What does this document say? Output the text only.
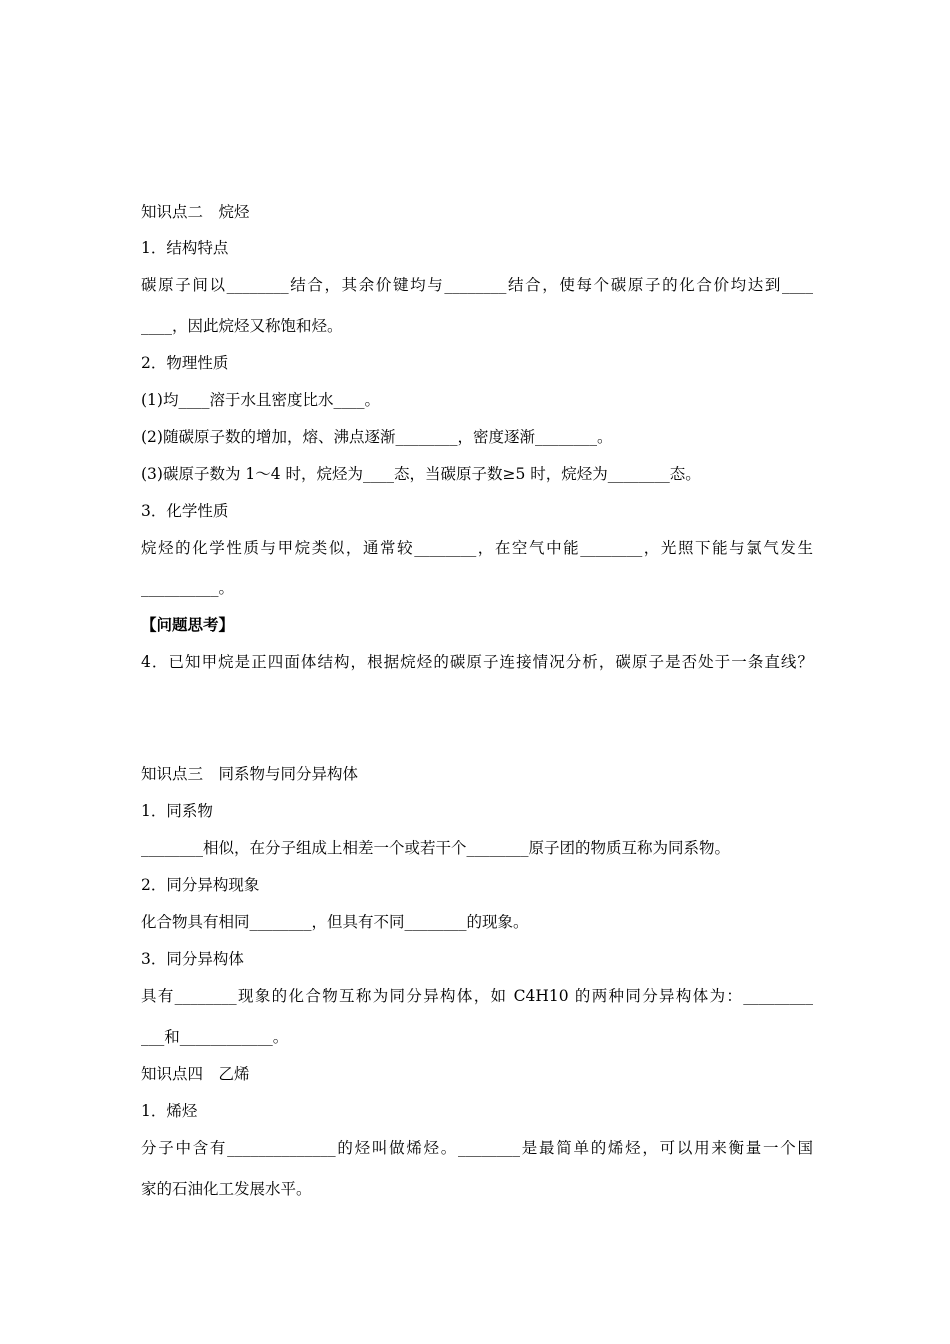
知识点二　烷烃
1．结构特点
碳原子间以________结合，其余价键均与________结合，使每个碳原子的化合价均达到____
____，因此烷烃又称饱和烃。
2．物理性质
(1)均____溶于水且密度比水____。
(2)随碳原子数的增加，熔、沸点逐渐________，密度逐渐________。
(3)碳原子数为 1～4 时，烷烃为____态，当碳原子数≥5 时，烷烃为________态。
3．化学性质
烷烃的化学性质与甲烷类似，通常较________，在空气中能________，光照下能与氯气发生
__________。
【问题思考】
4．已知甲烷是正四面体结构，根据烷烃的碳原子连接情况分析，碳原子是否处于一条直线？
知识点三　同系物与同分异构体
1．同系物
________相似，在分子组成上相差一个或若干个________原子团的物质互称为同系物。
2．同分异构现象
化合物具有相同________，但具有不同________的现象。
3．同分异构体
具有________现象的化合物互称为同分异构体，如 C4H10 的两种同分异构体为：_________
___和____________。
知识点四　乙烯
1．烯烃
分子中含有______________的烃叫做烯烃。________是最简单的烯烃，可以用来衡量一个国
家的石油化工发展水平。
